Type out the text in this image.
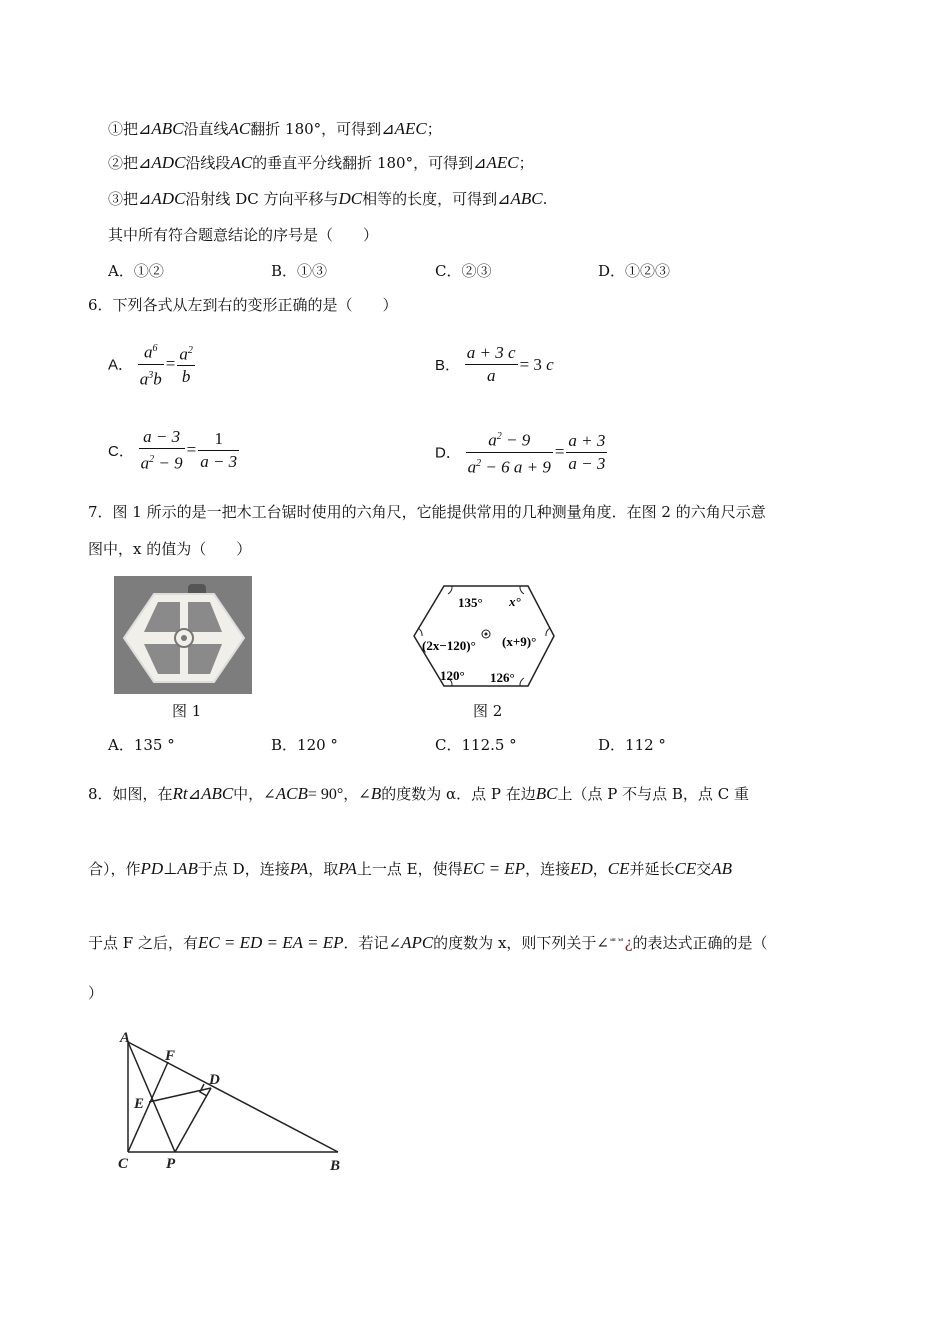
①把⊿ABC沿直线AC翻折 180°，可得到⊿AEC；
②把⊿ADC沿线段AC的垂直平分线翻折 180°，可得到⊿AEC；
③把⊿ADC沿射线 DC 方向平移与DC相等的长度，可得到⊿ABC.
其中所有符合题意结论的序号是（　　）
A．①②	B．①③	C．②③	D．①②③
6．下列各式从左到右的变形正确的是（　　）
A． $\frac{a^6}{a^3b} = \frac{a^2}{b}$	B． $\frac{a + 3 c}{a} = 3$ c
C． $\frac{a - 3}{a^2 - 9} = \frac{1}{a - 3}$	D． $\frac{a^2 - 9}{a^2 - 6 a + 9} = \frac{a + 3}{a - 3}$
7．图 1 所示的是一把木工台锯时使用的六角尺，它能提供常用的几种测量角度．在图 2 的六角尺示意
图中，x 的值为（　　）
图 1
135° x°
(2x−120)° (x+9)°
120° 126°
图 2
A．135 °	B．120 °	C．112.5 °	D．112 °
8．如图，在Rt⊿ABC中，∠ACB= 90°，∠B的度数为 α．点 P 在边BC上（点 P 不与点 B，点 C 重
合），作PD⊥AB于点 D，连接PA，取PA上一点 E，使得EC = EP，连接ED，CE并延长CE交AB
于点 F 之后，有EC = ED = EA = EP．若记∠APC的度数为 x，则下列关于∠$^{ᄈᄇ}$¿的表达式正确的是（
）
A
F
D
E
C	P	B
